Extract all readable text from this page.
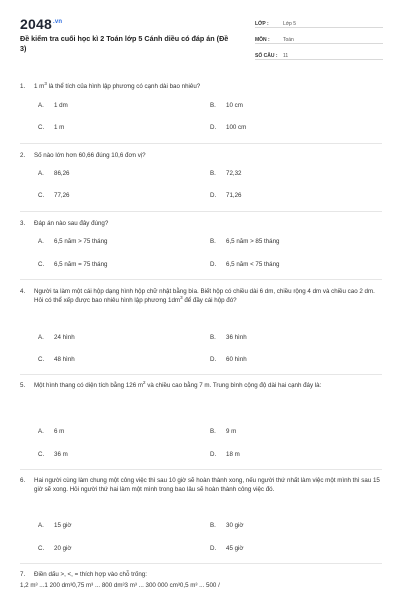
$2048^{.vn}$
Đề kiểm tra cuối học kì 2 Toán lớp 5 Cánh diều có đáp án (Đề 3)
LỚP :	Lớp 5
MÔN :	Toán
SỐ CÂU :	11
1.	1 $m^3$ là thể tích của hình lập phương có cạnh dài bao nhiêu?
A.	1 dm	B.	10 cm
C.	1 m	D.	100 cm
2.	Số nào lớn hơn 60,66 đúng 10,6 đơn vị?
A.	86,26	B.	72,32
C.	77,26	D.	71,26
3.	Đáp án nào sau đây đúng?
A.	6,5 năm > 75 tháng	B.	6,5 năm > 85 tháng
C.	6,5 năm = 75 tháng	D.	6,5 năm < 75 tháng
4.	Người ta làm một cái hộp dạng hình hộp chữ nhật bằng bìa. Biết hộp có chiều dài 6 dm, chiều rộng 4 dm và chiều cao 2 dm. Hỏi có thể xếp được bao nhiêu hình lập phương $1dm^3$ để đầy cái hộp đó?
A.	24 hình	B.	36 hình
C.	48 hình	D.	60 hình
5.	Một hình thang có diện tích bằng 126 $m^2$ và chiều cao bằng 7 m. Trung bình cộng độ dài hai cạnh đáy là:
A.	6 m	B.	9 m
C.	36 m	D.	18 m
6.	Hai người cùng làm chung một công việc thì sau 10 giờ sẽ hoàn thành xong, nếu người thứ nhất làm việc một mình thì sau 15 giờ sẽ xong. Hỏi người thứ hai làm một mình trong bao lâu sẽ hoàn thành công việc đó.
A.	15 giờ	B.	30 giờ
C.	20 giờ	D.	45 giờ
7.	Điền dấu >, <, = thích hợp vào chỗ trống:
1,2 m³ ...1 200 dm³0,75 m³ ... 800 dm³3 m³ ... 300 000 cm³0,5 m³ ... 500 /
